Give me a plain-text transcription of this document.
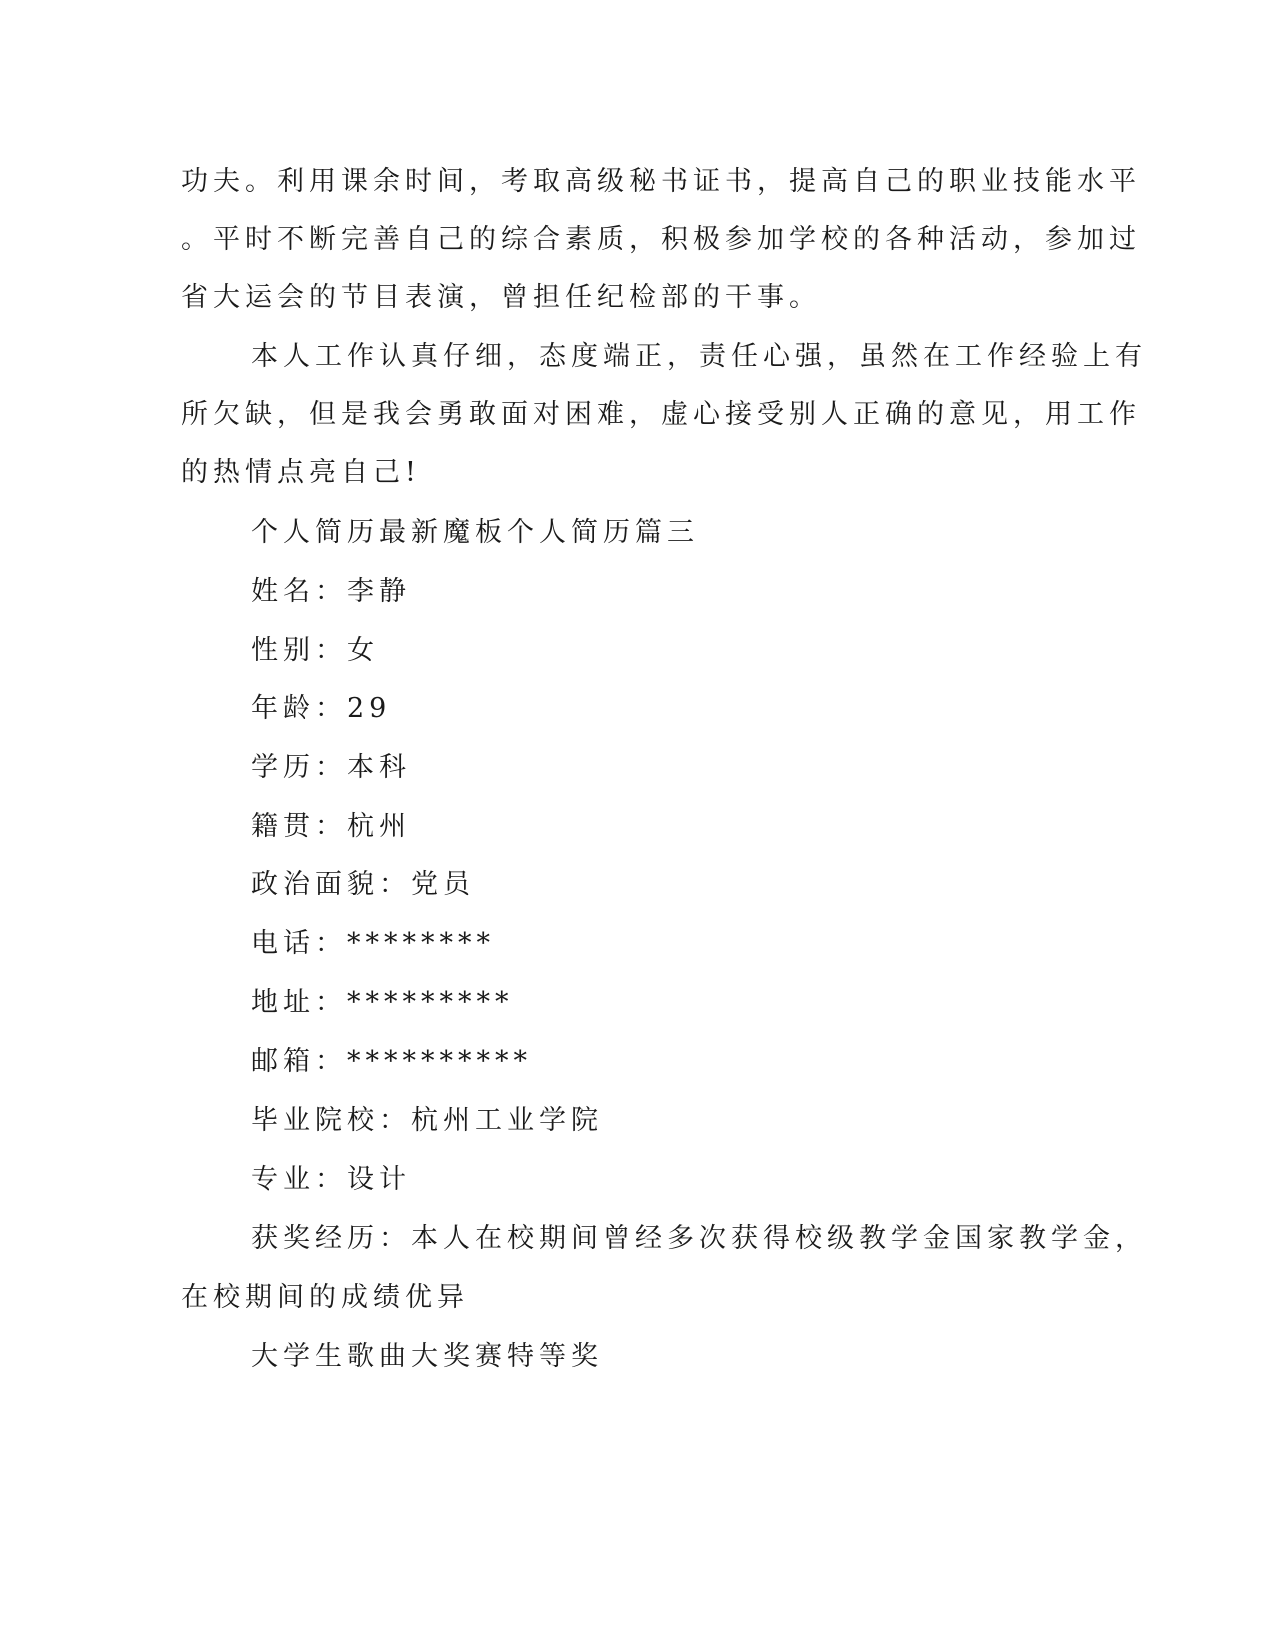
功夫。利用课余时间，考取高级秘书证书，提高自己的职业技能水平
。平时不断完善自己的综合素质，积极参加学校的各种活动，参加过
省大运会的节目表演，曾担任纪检部的干事。
本人工作认真仔细，态度端正，责任心强，虽然在工作经验上有
所欠缺，但是我会勇敢面对困难，虚心接受别人正确的意见，用工作
的热情点亮自己!
个人简历最新魔板个人简历篇三
姓名：李静
性别：女
年龄：29
学历：本科
籍贯：杭州
政治面貌：党员
电话：********
地址：*********
邮箱：**********
毕业院校：杭州工业学院
专业：设计
获奖经历：本人在校期间曾经多次获得校级教学金国家教学金，
在校期间的成绩优异
大学生歌曲大奖赛特等奖
